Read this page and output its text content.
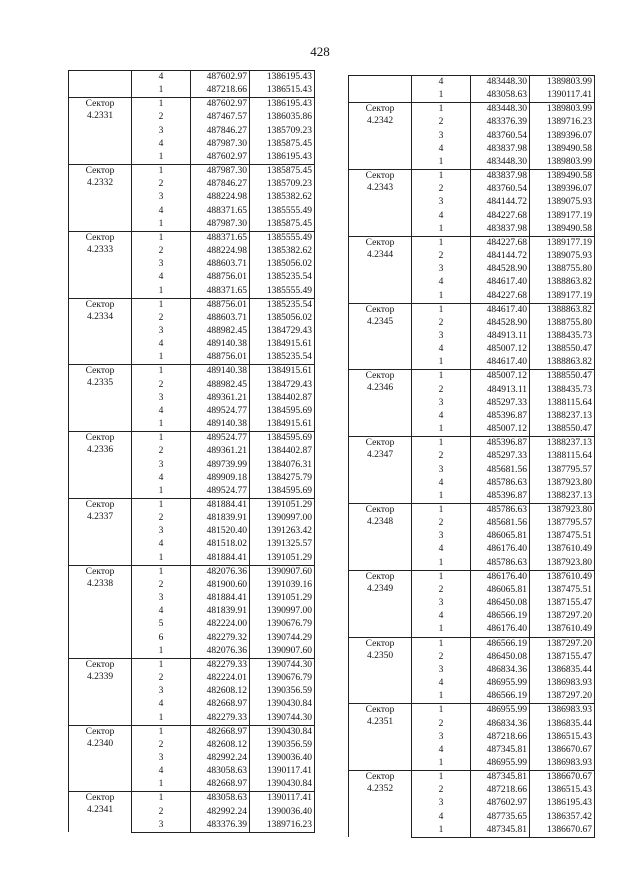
428
	4	487602.97	1386195.43
	1	487218.66	1386515.43
Сектор
4.2331	1	487602.97	1386195.43
	2	487467.57	1386035.86
	3	487846.27	1385709.23
	4	487987.30	1385875.45
	1	487602.97	1386195.43
Сектор
4.2332	1	487987.30	1385875.45
	2	487846.27	1385709.23
	3	488224.98	1385382.62
	4	488371.65	1385555.49
	1	487987.30	1385875.45
Сектор
4.2333	1	488371.65	1385555.49
	2	488224.98	1385382.62
	3	488603.71	1385056.02
	4	488756.01	1385235.54
	1	488371.65	1385555.49
Сектор
4.2334	1	488756.01	1385235.54
	2	488603.71	1385056.02
	3	488982.45	1384729.43
	4	489140.38	1384915.61
	1	488756.01	1385235.54
Сектор
4.2335	1	489140.38	1384915.61
	2	488982.45	1384729.43
	3	489361.21	1384402.87
	4	489524.77	1384595.69
	1	489140.38	1384915.61
Сектор
4.2336	1	489524.77	1384595.69
	2	489361.21	1384402.87
	3	489739.99	1384076.31
	4	489909.18	1384275.79
	1	489524.77	1384595.69
Сектор
4.2337	1	481884.41	1391051.29
	2	481839.91	1390997.00
	3	481520.40	1391263.42
	4	481518.02	1391325.57
	1	481884.41	1391051.29
Сектор
4.2338	1	482076.36	1390907.60
	2	481900.60	1391039.16
	3	481884.41	1391051.29
	4	481839.91	1390997.00
	5	482224.00	1390676.79
	6	482279.32	1390744.29
	1	482076.36	1390907.60
Сектор
4.2339	1	482279.33	1390744.30
	2	482224.01	1390676.79
	3	482608.12	1390356.59
	4	482668.97	1390430.84
	1	482279.33	1390744.30
Сектор
4.2340	1	482668.97	1390430.84
	2	482608.12	1390356.59
	3	482992.24	1390036.40
	4	483058.63	1390117.41
	1	482668.97	1390430.84
Сектор
4.2341	1	483058.63	1390117.41
	2	482992.24	1390036.40
	3	483376.39	1389716.23
	4	483448.30	1389803.99
	1	483058.63	1390117.41
Сектор
4.2342	1	483448.30	1389803.99
	2	483376.39	1389716.23
	3	483760.54	1389396.07
	4	483837.98	1389490.58
	1	483448.30	1389803.99
Сектор
4.2343	1	483837.98	1389490.58
	2	483760.54	1389396.07
	3	484144.72	1389075.93
	4	484227.68	1389177.19
	1	483837.98	1389490.58
Сектор
4.2344	1	484227.68	1389177.19
	2	484144.72	1389075.93
	3	484528.90	1388755.80
	4	484617.40	1388863.82
	1	484227.68	1389177.19
Сектор
4.2345	1	484617.40	1388863.82
	2	484528.90	1388755.80
	3	484913.11	1388435.73
	4	485007.12	1388550.47
	1	484617.40	1388863.82
Сектор
4.2346	1	485007.12	1388550.47
	2	484913.11	1388435.73
	3	485297.33	1388115.64
	4	485396.87	1388237.13
	1	485007.12	1388550.47
Сектор
4.2347	1	485396.87	1388237.13
	2	485297.33	1388115.64
	3	485681.56	1387795.57
	4	485786.63	1387923.80
	1	485396.87	1388237.13
Сектор
4.2348	1	485786.63	1387923.80
	2	485681.56	1387795.57
	3	486065.81	1387475.51
	4	486176.40	1387610.49
	1	485786.63	1387923.80
Сектор
4.2349	1	486176.40	1387610.49
	2	486065.81	1387475.51
	3	486450.08	1387155.47
	4	486566.19	1387297.20
	1	486176.40	1387610.49
Сектор
4.2350	1	486566.19	1387297.20
	2	486450.08	1387155.47
	3	486834.36	1386835.44
	4	486955.99	1386983.93
	1	486566.19	1387297.20
Сектор
4.2351	1	486955.99	1386983.93
	2	486834.36	1386835.44
	3	487218.66	1386515.43
	4	487345.81	1386670.67
	1	486955.99	1386983.93
Сектор
4.2352	1	487345.81	1386670.67
	2	487218.66	1386515.43
	3	487602.97	1386195.43
	4	487735.65	1386357.42
	1	487345.81	1386670.67
